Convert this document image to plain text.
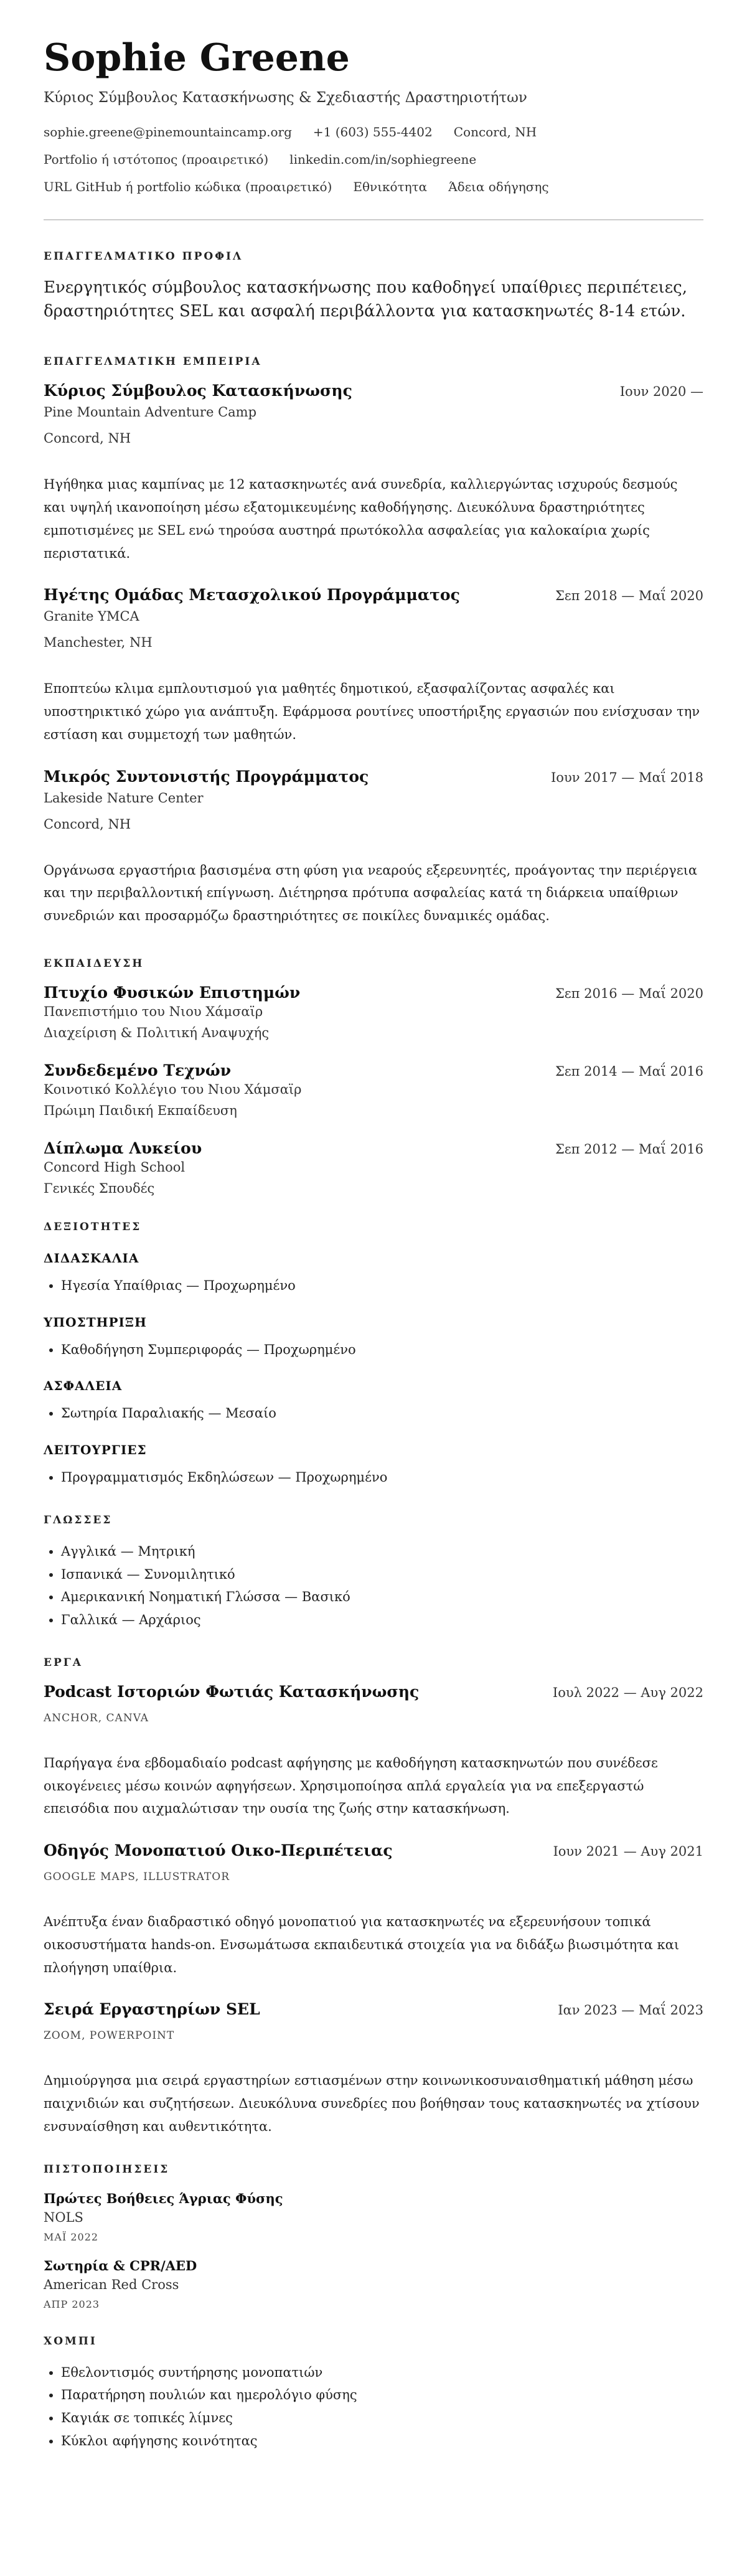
Sophie Greene
Κύριος Σύμβουλος Κατασκήνωσης & Σχεδιαστής Δραστηριοτήτων
sophie.greene@pinemountaincamp.org +1 (603) 555-4402 Concord, NH
Portfolio ή ιστότοπος (προαιρετικό) linkedin.com/in/sophiegreene
URL GitHub ή portfolio κώδικα (προαιρετικό) Εθνικότητα Άδεια οδήγησης
ΕΠΑΓΓΕΛΜΑΤΙΚΟ ΠΡΟΦΙΛ
Ενεργητικός σύμβουλος κατασκήνωσης που καθοδηγεί υπαίθριες περιπέτειες, δραστηριότητες SEL και ασφαλή περιβάλλοντα για κατασκηνωτές 8-14 ετών.
ΕΠΑΓΓΕΛΜΑΤΙΚΗ ΕΜΠΕΙΡΙΑ
Κύριος Σύμβουλος Κατασκήνωσης	Ιουν 2020 —
Pine Mountain Adventure Camp
Concord, NH
Ηγήθηκα μιας καμπίνας με 12 κατασκηνωτές ανά συνεδρία, καλλιεργώντας ισχυρούς δεσμούς και υψηλή ικανοποίηση μέσω εξατομικευμένης καθοδήγησης. Διευκόλυνα δραστηριότητες εμποτισμένες με SEL ενώ τηρούσα αυστηρά πρωτόκολλα ασφαλείας για καλοκαίρια χωρίς περιστατικά.
Ηγέτης Ομάδας Μετασχολικού Προγράμματος	Σεπ 2018 — Μαΐ 2020
Granite YMCA
Manchester, NH
Εποπτεύω κλιμα εμπλουτισμού για μαθητές δημοτικού, εξασφαλίζοντας ασφαλές και υποστηρικτικό χώρο για ανάπτυξη. Εφάρμοσα ρουτίνες υποστήριξης εργασιών που ενίσχυσαν την εστίαση και συμμετοχή των μαθητών.
Μικρός Συντονιστής Προγράμματος	Ιουν 2017 — Μαΐ 2018
Lakeside Nature Center
Concord, NH
Οργάνωσα εργαστήρια βασισμένα στη φύση για νεαρούς εξερευνητές, προάγοντας την περιέργεια και την περιβαλλοντική επίγνωση. Διέτηρησα πρότυπα ασφαλείας κατά τη διάρκεια υπαίθριων συνεδριών και προσαρμόζω δραστηριότητες σε ποικίλες δυναμικές ομάδας.
ΕΚΠΑΙΔΕΥΣΗ
Πτυχίο Φυσικών Επιστημών	Σεπ 2016 — Μαΐ 2020
Πανεπιστήμιο του Νιου Χάμσαϊρ
Διαχείριση & Πολιτική Αναψυχής
Συνδεδεμένο Τεχνών	Σεπ 2014 — Μαΐ 2016
Κοινοτικό Κολλέγιο του Νιου Χάμσαϊρ
Πρώιμη Παιδική Εκπαίδευση
Δίπλωμα Λυκείου	Σεπ 2012 — Μαΐ 2016
Concord High School
Γενικές Σπουδές
ΔΕΞΙΟΤΗΤΕΣ
ΔΙΔΑΣΚΑΛΙΑ
• Ηγεσία Υπαίθριας — Προχωρημένο
ΥΠΟΣΤΗΡΙΞΗ
• Καθοδήγηση Συμπεριφοράς — Προχωρημένο
ΑΣΦΑΛΕΙΑ
• Σωτηρία Παραλιακής — Μεσαίο
ΛΕΙΤΟΥΡΓΙΕΣ
• Προγραμματισμός Εκδηλώσεων — Προχωρημένο
ΓΛΩΣΣΕΣ
• Αγγλικά — Μητρική
• Ισπανικά — Συνομιλητικό
• Αμερικανική Νοηματική Γλώσσα — Βασικό
• Γαλλικά — Αρχάριος
ΕΡΓΑ
Podcast Ιστοριών Φωτιάς Κατασκήνωσης	Ιουλ 2022 — Αυγ 2022
ANCHOR, CANVA
Παρήγαγα ένα εβδομαδιαίο podcast αφήγησης με καθοδήγηση κατασκηνωτών που συνέδεσε οικογένειες μέσω κοινών αφηγήσεων. Χρησιμοποίησα απλά εργαλεία για να επεξεργαστώ επεισόδια που αιχμαλώτισαν την ουσία της ζωής στην κατασκήνωση.
Οδηγός Μονοπατιού Οικο-Περιπέτειας	Ιουν 2021 — Αυγ 2021
GOOGLE MAPS, ILLUSTRATOR
Ανέπτυξα έναν διαδραστικό οδηγό μονοπατιού για κατασκηνωτές να εξερευνήσουν τοπικά οικοσυστήματα hands-on. Ενσωμάτωσα εκπαιδευτικά στοιχεία για να διδάξω βιωσιμότητα και πλοήγηση υπαίθρια.
Σειρά Εργαστηρίων SEL	Ιαν 2023 — Μαΐ 2023
ZOOM, POWERPOINT
Δημιούργησα μια σειρά εργαστηρίων εστιασμένων στην κοινωνικοσυναισθηματική μάθηση μέσω παιχνιδιών και συζητήσεων. Διευκόλυνα συνεδρίες που βοήθησαν τους κατασκηνωτές να χτίσουν ενσυναίσθηση και αυθεντικότητα.
ΠΙΣΤΟΠΟΙΗΣΕΙΣ
Πρώτες Βοήθειες Άγριας Φύσης
NOLS
ΜΑΪ 2022
Σωτηρία & CPR/AED
American Red Cross
ΑΠΡ 2023
ΧΟΜΠΙ
• Εθελοντισμός συντήρησης μονοπατιών
• Παρατήρηση πουλιών και ημερολόγιο φύσης
• Καγιάκ σε τοπικές λίμνες
• Κύκλοι αφήγησης κοινότητας
